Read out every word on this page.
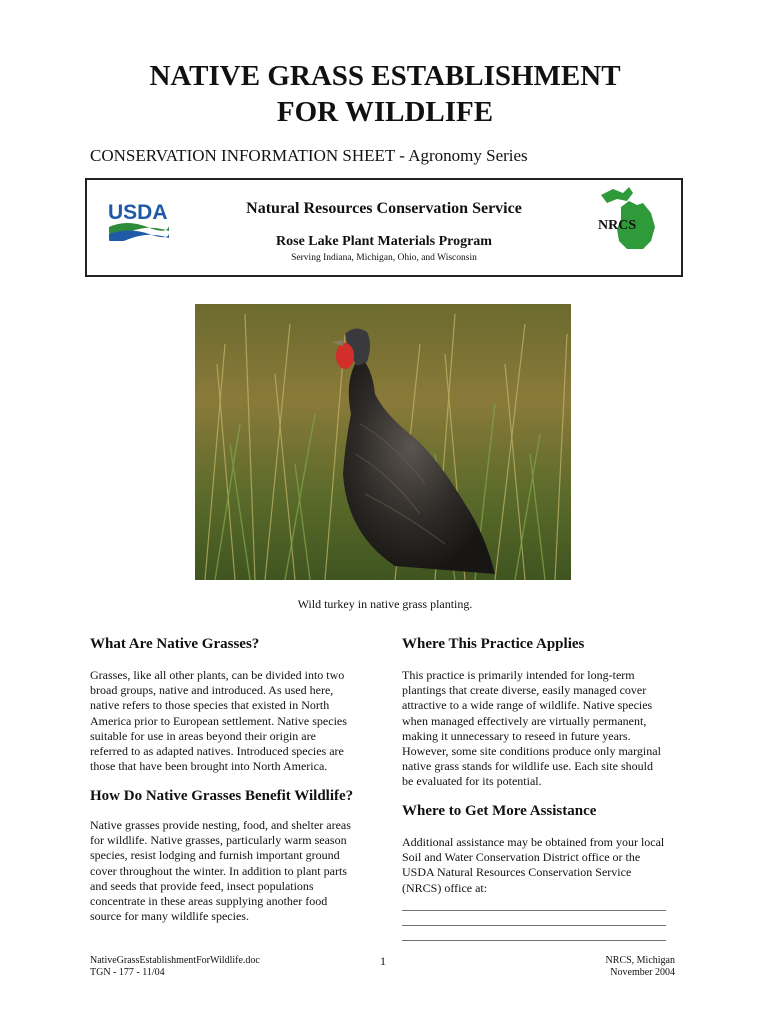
NATIVE GRASS ESTABLISHMENT
FOR WILDLIFE

CONSERVATION INFORMATION SHEET - Agronomy Series

USDA	Natural Resources Conservation Service
Rose Lake Plant Materials Program
Serving Indiana, Michigan, Ohio, and Wisconsin
NRCS
Wild turkey in native grass planting.
What Are Native Grasses?

Grasses, like all other plants, can be divided into two
broad groups, native and introduced. As used here,
native refers to those species that existed in North
America prior to European settlement. Native species
suitable for use in areas beyond their origin are
referred to as adapted natives. Introduced species are
those that have been brought into North America.

How Do Native Grasses Benefit Wildlife?

Native grasses provide nesting, food, and shelter areas
for wildlife. Native grasses, particularly warm season
species, resist lodging and furnish important ground
cover throughout the winter. In addition to plant parts
and seeds that provide feed, insect populations
concentrate in these areas supplying another food
source for many wildlife species.

Where This Practice Applies

This practice is primarily intended for long-term
plantings that create diverse, easily managed cover
attractive to a wide range of wildlife. Native species
when managed effectively are virtually permanent,
making it unnecessary to reseed in future years.
However, some site conditions produce only marginal
native grass stands for wildlife use. Each site should
be evaluated for its potential.

Where to Get More Assistance

Additional assistance may be obtained from your local
Soil and Water Conservation District office or the
USDA Natural Resources Conservation Service
(NRCS) office at:

____________________________________________
____________________________________________
____________________________________________
NativeGrassEstablishmentForWildlife.doc
TGN - 177 - 11/04
1	NRCS, Michigan
November 2004
